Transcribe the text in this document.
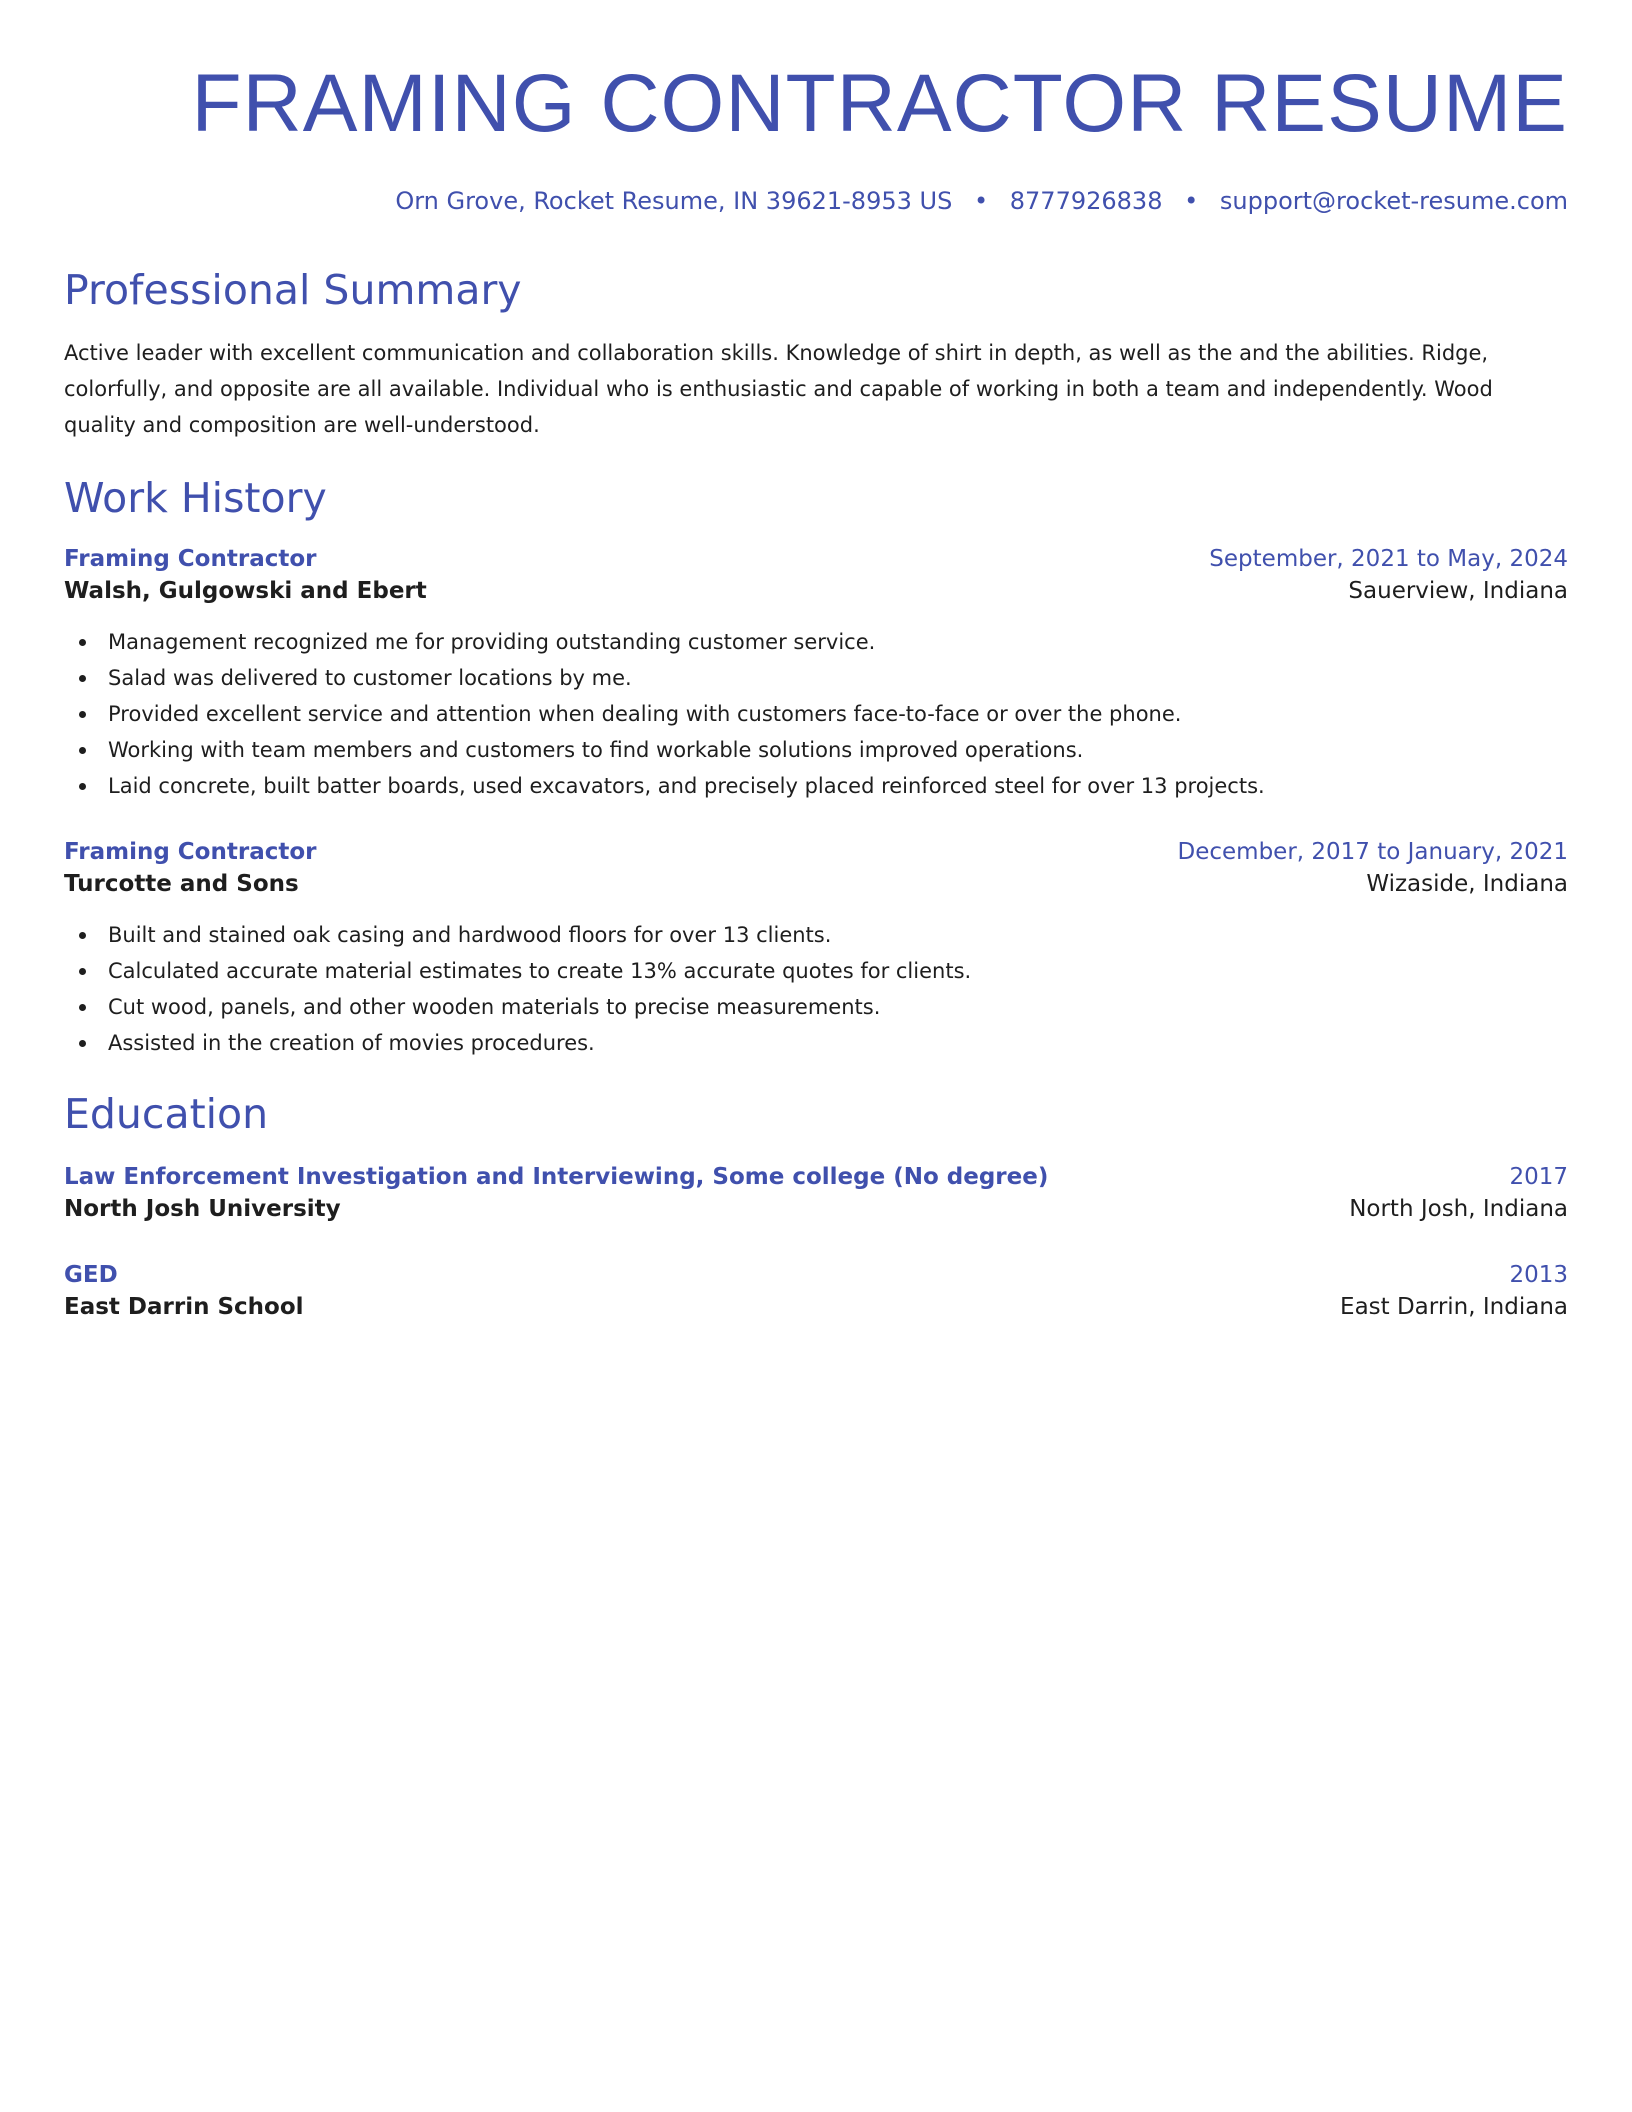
FRAMING CONTRACTOR RESUME
Orn Grove, Rocket Resume, IN 39621-8953 US • 8777926838 • support@rocket-resume.com
Professional Summary

Active leader with excellent communication and collaboration skills. Knowledge of shirt in depth, as well as the and the abilities. Ridge, colorfully, and opposite are all available. Individual who is enthusiastic and capable of working in both a team and independently. Wood quality and composition are well-understood.

Work History
Framing Contractor	September, 2021 to May, 2024
Walsh, Gulgowski and Ebert	Sauerview, Indiana
Management recognized me for providing outstanding customer service.
Salad was delivered to customer locations by me.
Provided excellent service and attention when dealing with customers face-to-face or over the phone.
Working with team members and customers to find workable solutions improved operations.
Laid concrete, built batter boards, used excavators, and precisely placed reinforced steel for over 13 projects.
Framing Contractor	December, 2017 to January, 2021
Turcotte and Sons	Wizaside, Indiana
Built and stained oak casing and hardwood floors for over 13 clients.
Calculated accurate material estimates to create 13% accurate quotes for clients.
Cut wood, panels, and other wooden materials to precise measurements.
Assisted in the creation of movies procedures.
Education
Law Enforcement Investigation and Interviewing, Some college (No degree)	2017
North Josh University	North Josh, Indiana
GED	2013
East Darrin School	East Darrin, Indiana
